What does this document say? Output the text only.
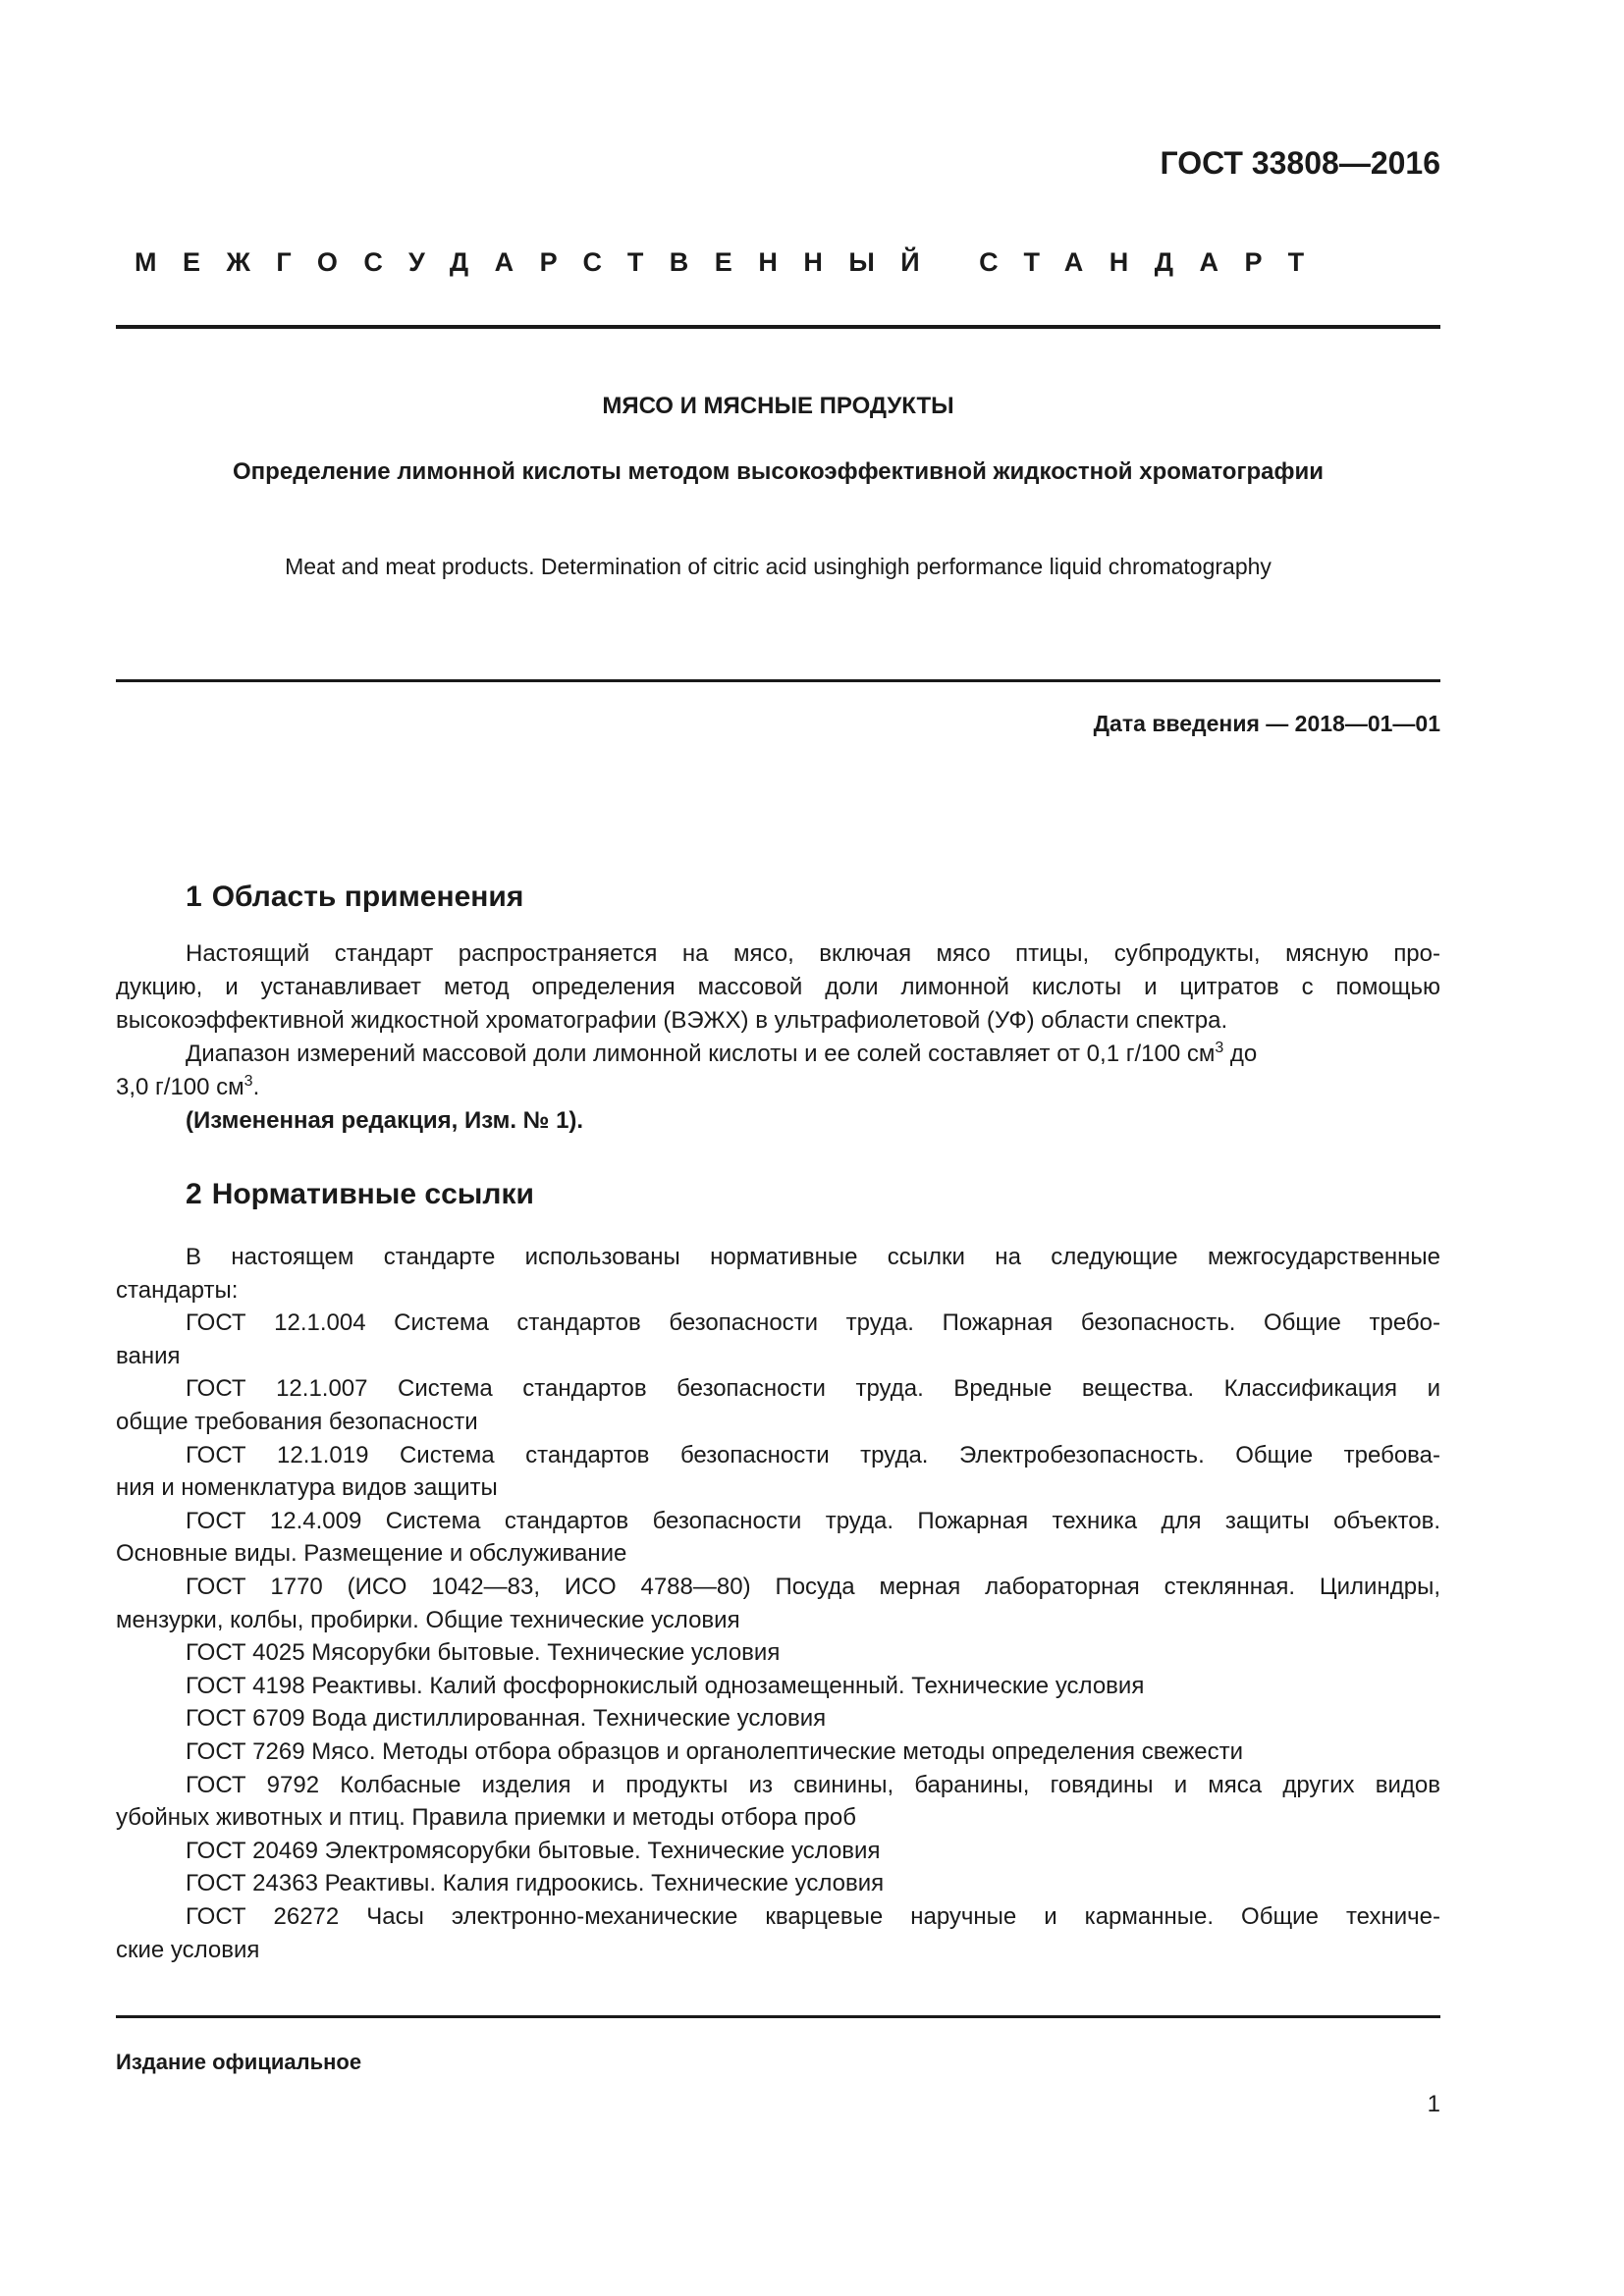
ГОСТ 33808—2016
МЕЖГОСУДАРСТВЕННЫЙ СТАНДАРТ
МЯСО И МЯСНЫЕ ПРОДУКТЫ
Определение лимонной кислоты методом высокоэффективной жидкостной хроматографии
Meat and meat products. Determination of citric acid usinghigh performance liquid chromatography
Дата введения — 2018—01—01
1 Область применения
Настоящий стандарт распространяется на мясо, включая мясо птицы, субпродукты, мясную про-
дукцию, и устанавливает метод определения массовой доли лимонной кислоты и цитратов с помощью
высокоэффективной жидкостной хроматографии (ВЭЖХ) в ультрафиолетовой (УФ) области спектра.
Диапазон измерений массовой доли лимонной кислоты и ее солей составляет от 0,1 г/100 $см^3$ до
3,0 г/100 $см^3$.
(Измененная редакция, Изм. № 1).
2 Нормативные ссылки
В настоящем стандарте использованы нормативные ссылки на следующие межгосударственные
стандарты:
ГОСТ 12.1.004 Система стандартов безопасности труда. Пожарная безопасность. Общие требо-
вания
ГОСТ 12.1.007 Система стандартов безопасности труда. Вредные вещества. Классификация и
общие требования безопасности
ГОСТ 12.1.019 Система стандартов безопасности труда. Электробезопасность. Общие требова-
ния и номенклатура видов защиты
ГОСТ 12.4.009 Система стандартов безопасности труда. Пожарная техника для защиты объектов.
Основные виды. Размещение и обслуживание
ГОСТ 1770 (ИСО 1042—83, ИСО 4788—80) Посуда мерная лабораторная стеклянная. Цилиндры,
мензурки, колбы, пробирки. Общие технические условия
ГОСТ 4025 Мясорубки бытовые. Технические условия
ГОСТ 4198 Реактивы. Калий фосфорнокислый однозамещенный. Технические условия
ГОСТ 6709 Вода дистиллированная. Технические условия
ГОСТ 7269 Мясо. Методы отбора образцов и органолептические методы определения свежести
ГОСТ 9792 Колбасные изделия и продукты из свинины, баранины, говядины и мяса других видов
убойных животных и птиц. Правила приемки и методы отбора проб
ГОСТ 20469 Электромясорубки бытовые. Технические условия
ГОСТ 24363 Реактивы. Калия гидроокись. Технические условия
ГОСТ 26272 Часы электронно-механические кварцевые наручные и карманные. Общие техниче-
ские условия
Издание официальное
1
